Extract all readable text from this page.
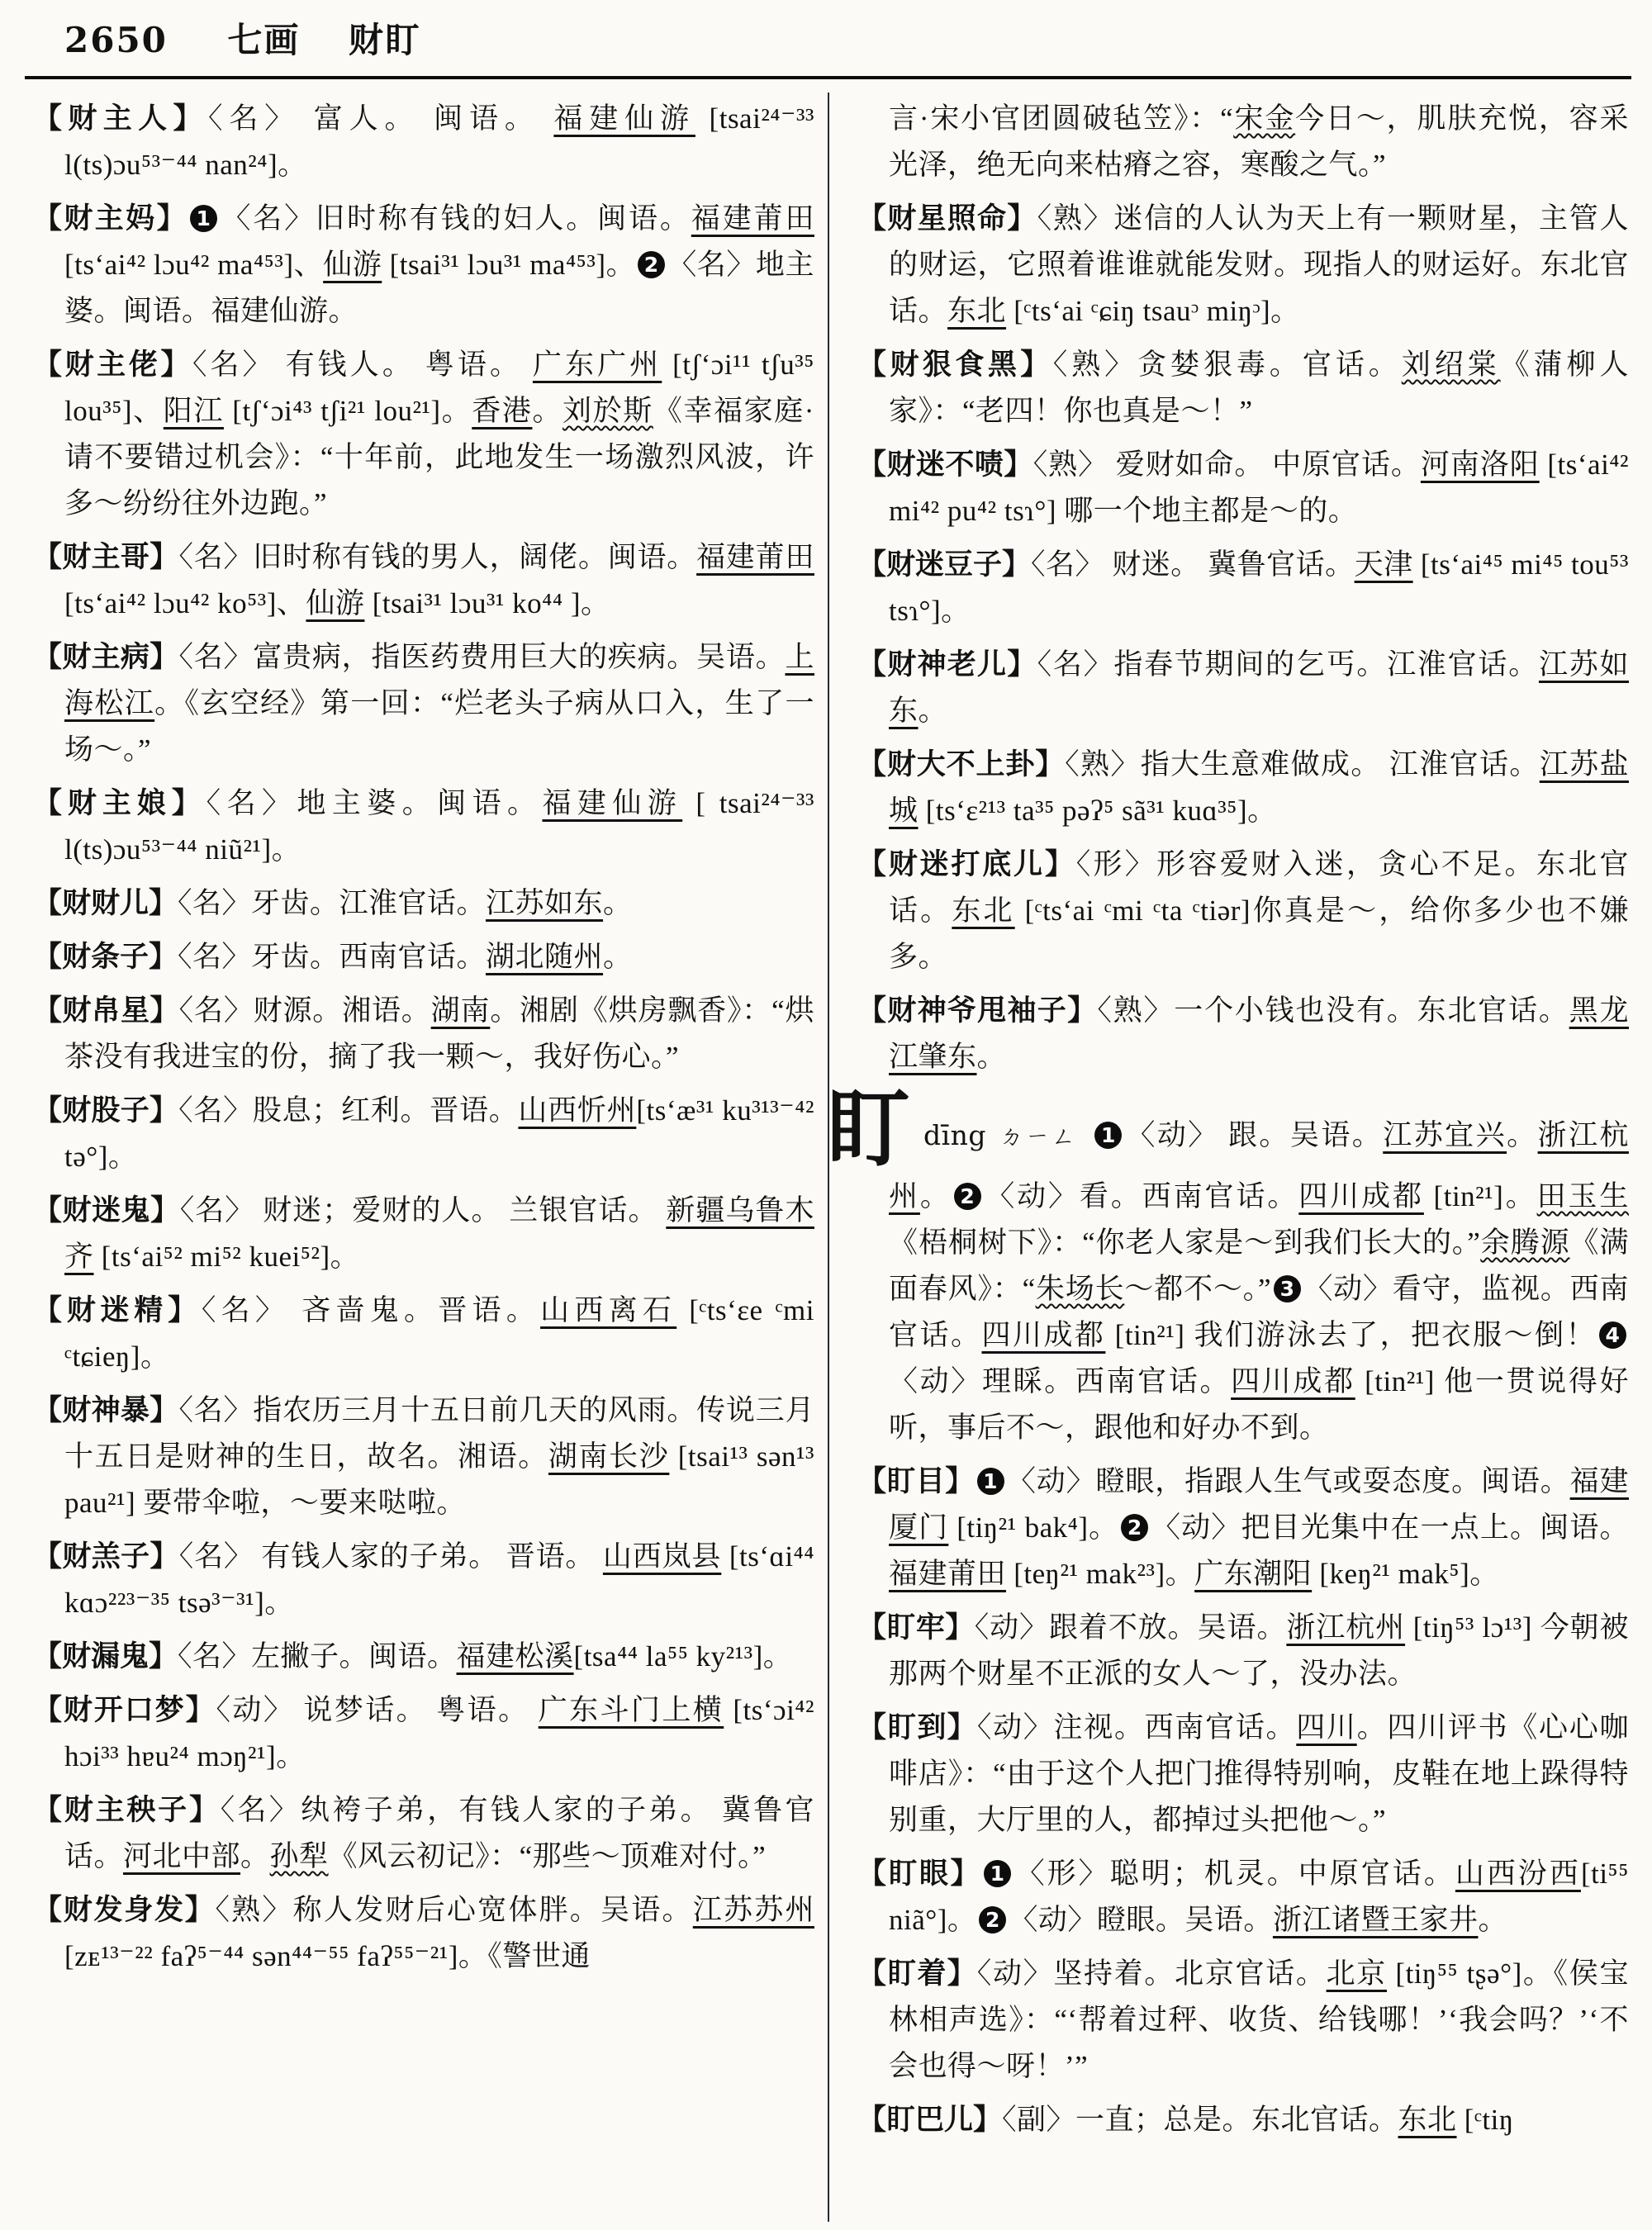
2650 七画 财盯

【财主人】〈名〉 富人。 闽语。 福建仙游 [tsai²⁴⁻³³ l(ts)ɔu⁵³⁻⁴⁴ nan²⁴]。

【财主妈】 1 〈名〉旧时称有钱的妇人。闽语。福建莆田 [ts‘ai⁴² lɔu⁴² ma⁴⁵³]、仙游 [tsai³¹ lɔu³¹ ma⁴⁵³]。 2 〈名〉地主婆。闽语。福建仙游。

【财主佬】〈名〉 有钱人。 粤语。 广东广州 [tʃ‘ɔi¹¹ tʃu³⁵ lou³⁵]、阳江 [tʃ‘ɔi⁴³ tʃi²¹ lou²¹]。香港。刘於斯《幸福家庭·请不要错过机会》：“十年前，此地发生一场激烈风波，许多～纷纷往外边跑。”

【财主哥】〈名〉旧时称有钱的男人，阔佬。闽语。福建莆田[ts‘ai⁴² lɔu⁴² ko⁵³]、仙游 [tsai³¹ lɔu³¹ ko⁴⁴ ]。

【财主病】〈名〉富贵病，指医药费用巨大的疾病。吴语。上海松江。《玄空经》第一回：“烂老头子病从口入，生了一场～。”

【财主娘】〈名〉地主婆。闽语。福建仙游 [ tsai²⁴⁻³³ l(ts)ɔu⁵³⁻⁴⁴ niũ²¹]。

【财财儿】〈名〉牙齿。江淮官话。江苏如东。

【财条子】〈名〉牙齿。西南官话。湖北随州。

【财帛星】〈名〉财源。湘语。湖南。湘剧《烘房飘香》：“烘茶没有我进宝的份，摘了我一颗～，我好伤心。”

【财股子】〈名〉股息；红利。晋语。山西忻州[ts‘æ³¹ ku³¹³⁻⁴² tə°]。

【财迷鬼】〈名〉 财迷；爱财的人。 兰银官话。 新疆乌鲁木齐 [ts‘ai⁵² mi⁵² kuei⁵²]。

【财迷精】〈名〉 吝啬鬼。晋语。山西离石 [ᶜts‘ɛe ᶜmi ᶜtɕieŋ]。

【财神暴】〈名〉指农历三月十五日前几天的风雨。传说三月十五日是财神的生日，故名。湘语。湖南长沙 [tsai¹³ sən¹³ pau²¹] 要带伞啦，～要来哒啦。

【财羔子】〈名〉 有钱人家的子弟。 晋语。 山西岚县 [ts‘ɑi⁴⁴ kɑɔ²²³⁻³⁵ tsə³⁻³¹]。

【财漏鬼】〈名〉左撇子。闽语。福建松溪[tsa⁴⁴ la⁵⁵ ky²¹³]。

【财开口梦】〈动〉 说梦话。 粤语。 广东斗门上横 [ts‘ɔi⁴² hɔi³³ hɐu²⁴ mɔŋ²¹]。

【财主秧子】〈名〉纨袴子弟，有钱人家的子弟。 冀鲁官话。河北中部。孙犁《风云初记》：“那些～顶难对付。”

【财发身发】〈熟〉称人发财后心宽体胖。吴语。江苏苏州 [zᴇ¹³⁻²² faʔ⁵⁻⁴⁴ sən⁴⁴⁻⁵⁵ faʔ⁵⁵⁻²¹]。《警世通

言·宋小官团圆破毡笠》：“宋金今日～，肌肤充悦，容采光泽，绝无向来枯瘠之容，寒酸之气。”

【财星照命】〈熟〉迷信的人认为天上有一颗财星，主管人的财运，它照着谁谁就能发财。现指人的财运好。东北官话。东北 [ᶜts‘ai ᶜɕiŋ tsauᵓ miŋᵓ]。

【财狠食黑】〈熟〉贪婪狠毒。官话。刘绍棠《蒲柳人家》：“老四！你也真是～！”

【财迷不啧】〈熟〉 爱财如命。 中原官话。河南洛阳 [ts‘ai⁴² mi⁴² pu⁴² tsɿ°] 哪一个地主都是～的。

【财迷豆子】〈名〉 财迷。 冀鲁官话。天津 [ts‘ai⁴⁵ mi⁴⁵ tou⁵³ tsɿ°]。

【财神老儿】〈名〉指春节期间的乞丐。江淮官话。江苏如东。

【财大不上卦】〈熟〉指大生意难做成。 江淮官话。江苏盐城 [ts‘ɛ²¹³ ta³⁵ pəʔ⁵ sã³¹ kuɑ³⁵]。

【财迷打底儿】〈形〉形容爱财入迷，贪心不足。东北官话。东北 [ᶜts‘ai ᶜmi ᶜta ᶜtiər]你真是～，给你多少也不嫌多。

【财神爷甩袖子】〈熟〉一个小钱也没有。东北官话。黑龙江肇东。

盯dīng ㄉㄧㄥ 1 〈动〉 跟。吴语。江苏宜兴。浙江杭州。 2 〈动〉看。西南官话。四川成都 [tin²¹]。田玉生《梧桐树下》：“你老人家是～到我们长大的。”余腾源《满面春风》：“朱场长～都不～。” 3 〈动〉看守，监视。西南官话。四川成都 [tin²¹] 我们游泳去了，把衣服～倒！ 4〈动〉理睬。西南官话。四川成都 [tin²¹] 他一贯说得好听，事后不～，跟他和好办不到。

【盯目】 1 〈动〉瞪眼，指跟人生气或耍态度。闽语。福建厦门 [tiŋ²¹ bak⁴]。 2 〈动〉把目光集中在一点上。闽语。福建莆田 [teŋ²¹ mak²³]。广东潮阳 [keŋ²¹ mak⁵]。

【盯牢】〈动〉跟着不放。吴语。浙江杭州 [tiŋ⁵³ lɔ¹³] 今朝被那两个财星不正派的女人～了，没办法。

【盯到】〈动〉注视。西南官话。四川。四川评书《心心咖啡店》：“由于这个人把门推得特别响，皮鞋在地上跺得特别重，大厅里的人，都掉过头把他～。”

【盯眼】 1 〈形〉聪明；机灵。中原官话。山西汾西[ti⁵⁵ niã°]。 2 〈动〉瞪眼。吴语。浙江诸暨王家井。

【盯着】〈动〉坚持着。北京官话。北京 [tiŋ⁵⁵ tʂə°]。《侯宝林相声选》：“‘帮着过秤、收货、给钱哪！’‘我会吗？’‘不会也得～呀！’”

【盯巴儿】〈副〉一直；总是。东北官话。东北 [ᶜtiŋ
